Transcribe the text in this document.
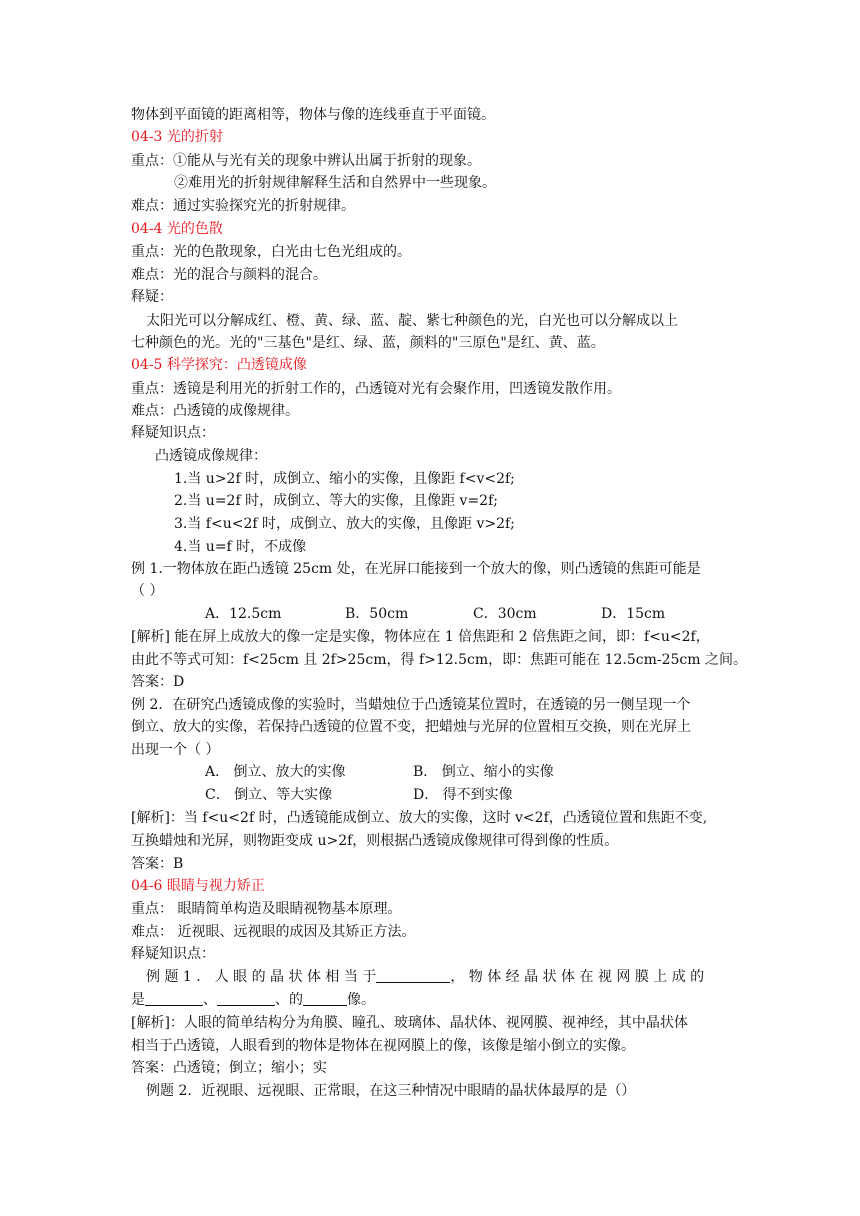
物体到平面镜的距离相等，物体与像的连线垂直于平面镜。
04-3 光的折射
重点：①能从与光有关的现象中辨认出属于折射的现象。
②难用光的折射规律解释生活和自然界中一些现象。
难点：通过实验探究光的折射规律。
04-4 光的色散
重点：光的色散现象，白光由七色光组成的。
难点：光的混合与颜料的混合。
释疑：
太阳光可以分解成红、橙、黄、绿、蓝、靛、紫七种颜色的光，白光也可以分解成以上
七种颜色的光。光的"三基色"是红、绿、蓝，颜料的"三原色"是红、黄、蓝。
04-5 科学探究：凸透镜成像
重点：透镜是利用光的折射工作的，凸透镜对光有会聚作用，凹透镜发散作用。
难点：凸透镜的成像规律。
释疑知识点：
凸透镜成像规律：
1.当 u>2f 时，成倒立、缩小的实像，且像距 f<v<2f;
2.当 u=2f 时，成倒立、等大的实像，且像距 v=2f;
3.当 f<u<2f 时，成倒立、放大的实像，且像距 v>2f;
4.当 u=f 时，不成像
例 1.一物体放在距凸透镜 25cm 处，在光屏口能接到一个放大的像，则凸透镜的焦距可能是
（ ）
A．12.5cm	B．50cm	C．30cm	D．15cm
[解析] 能在屏上成放大的像一定是实像，物体应在 1 倍焦距和 2 倍焦距之间，即：f<u<2f，
由此不等式可知：f<25cm 且 2f>25cm，得 f>12.5cm，即：焦距可能在 12.5cm-25cm 之间。
答案：D
例 2．在研究凸透镜成像的实验时，当蜡烛位于凸透镜某位置时，在透镜的另一侧呈现一个
倒立、放大的实像，若保持凸透镜的位置不变，把蜡烛与光屏的位置相互交换，则在光屏上
出现一个（ ）
A． 倒立、放大的实像	B． 倒立、缩小的实像
C． 倒立、等大实像	D． 得不到实像
[解析]：当 f<u<2f 时，凸透镜能成倒立、放大的实像，这时 v<2f，凸透镜位置和焦距不变,
互换蜡烛和光屏，则物距变成 u>2f，则根据凸透镜成像规律可得到像的性质。
答案：B
04-6 眼睛与视力矫正
重点： 眼睛简单构造及眼睛视物基本原理。
难点： 近视眼、远视眼的成因及其矫正方法。
释疑知识点：
例 题 1 ． 人 眼 的 晶 状 体 相 当 于	， 物 体 经 晶 状 体 在 视 网 膜 上 成 的
是	、	、的	像。
[解析]：人眼的简单结构分为角膜、瞳孔、玻璃体、晶状体、视网膜、视神经，其中晶状体
相当于凸透镜，人眼看到的物体是物体在视网膜上的像，该像是缩小倒立的实像。
答案：凸透镜；倒立；缩小；实
例题 2．近视眼、远视眼、正常眼，在这三种情况中眼睛的晶状体最厚的是（）
